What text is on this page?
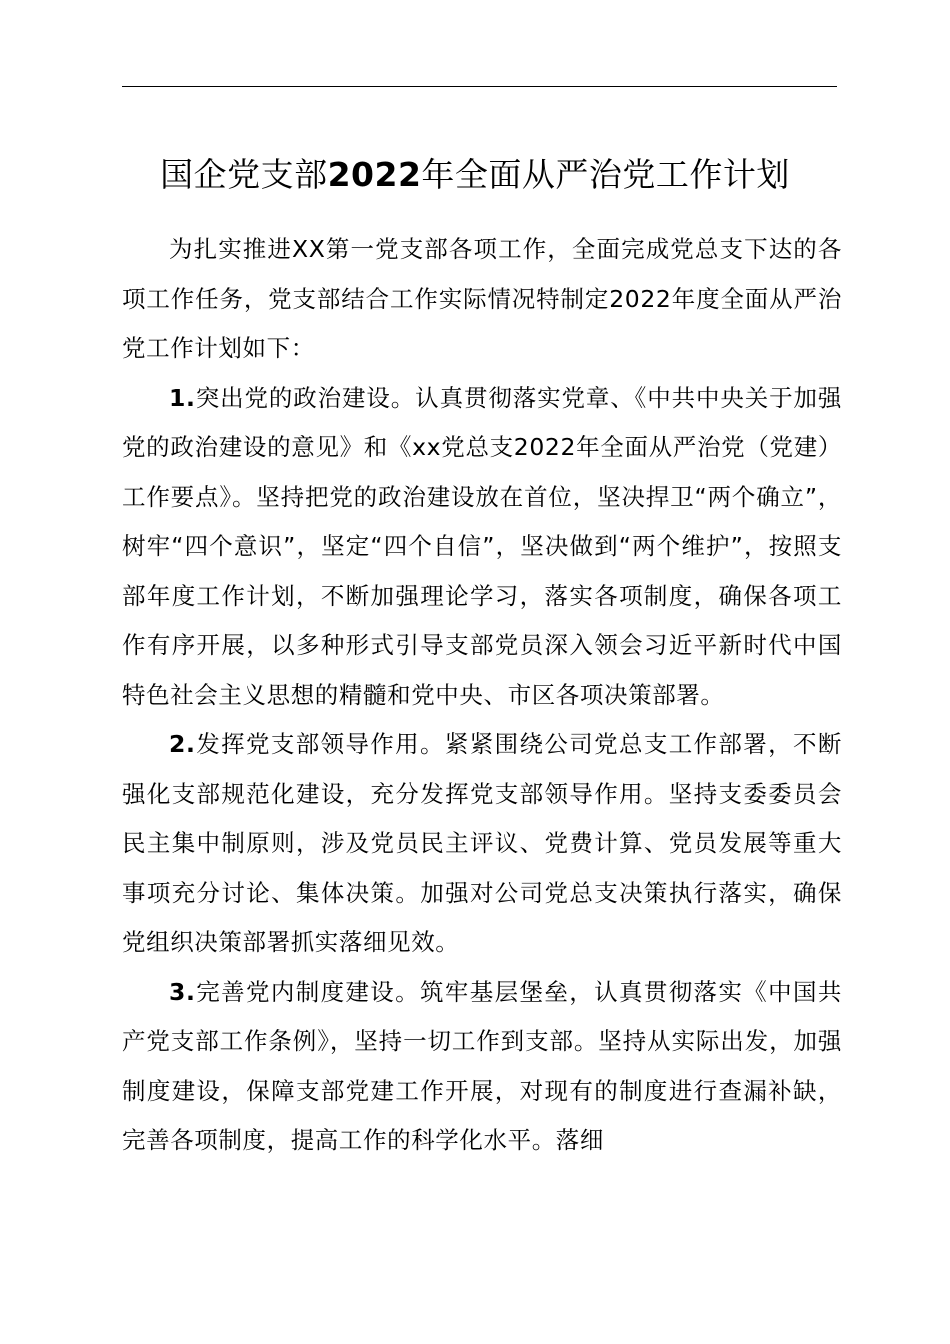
国企党支部2022年全面从严治党工作计划

为扎实推进XX第一党支部各项工作，全面完成党总支下达的各项工作任务，党支部结合工作实际情况特制定2022年度全面从严治党工作计划如下：

1.突出党的政治建设。认真贯彻落实党章、《中共中央关于加强党的政治建设的意见》和《xx党总支2022年全面从严治党（党建）工作要点》。坚持把党的政治建设放在首位，坚决捍卫“两个确立”，树牢“四个意识”，坚定“四个自信”，坚决做到“两个维护”，按照支部年度工作计划，不断加强理论学习，落实各项制度，确保各项工作有序开展，以多种形式引导支部党员深入领会习近平新时代中国特色社会主义思想的精髓和党中央、市区各项决策部署。

2.发挥党支部领导作用。紧紧围绕公司党总支工作部署，不断强化支部规范化建设，充分发挥党支部领导作用。坚持支委委员会民主集中制原则，涉及党员民主评议、党费计算、党员发展等重大事项充分讨论、集体决策。加强对公司党总支决策执行落实，确保党组织决策部署抓实落细见效。

3.完善党内制度建设。筑牢基层堡垒，认真贯彻落实《中国共产党支部工作条例》，坚持一切工作到支部。坚持从实际出发，加强制度建设，保障支部党建工作开展，对现有的制度进行查漏补缺，完善各项制度，提高工作的科学化水平。落细
